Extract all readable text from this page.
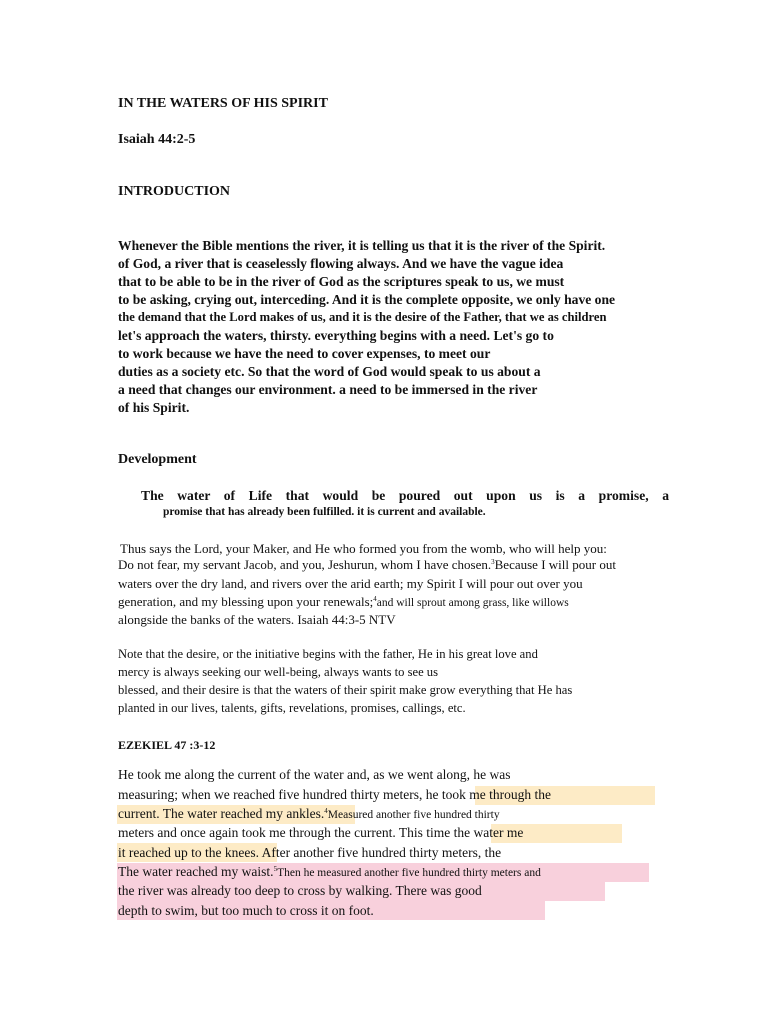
IN THE WATERS OF HIS SPIRIT
Isaiah 44:2-5
INTRODUCTION
Whenever the Bible mentions the river, it is telling us that it is the river of the Spirit.
of God, a river that is ceaselessly flowing always. And we have the vague idea
that to be able to be in the river of God as the scriptures speak to us, we must
to be asking, crying out, interceding. And it is the complete opposite, we only have one
the demand that the Lord makes of us, and it is the desire of the Father, that we as children
let's approach the waters, thirsty. everything begins with a need. Let's go to
to work because we have the need to cover expenses, to meet our
duties as a society etc. So that the word of God would speak to us about a
a need that changes our environment. a need to be immersed in the river
of his Spirit.
Development
The water of Life that would be poured out upon us is a promise, a
promise that has already been fulfilled. it is current and available.
Thus says the Lord, your Maker, and He who formed you from the womb, who will help you:
Do not fear, my servant Jacob, and you, Jeshurun, whom I have chosen.$^3$Because I will pour out
waters over the dry land, and rivers over the arid earth; my Spirit I will pour out over you
generation, and my blessing upon your renewals;$^4$and will sprout among grass, like willows
alongside the banks of the waters. Isaiah 44:3-5 NTV
Note that the desire, or the initiative begins with the father, He in his great love and
mercy is always seeking our well-being, always wants to see us
blessed, and their desire is that the waters of their spirit make grow everything that He has
planted in our lives, talents, gifts, revelations, promises, callings, etc.
EZEKIEL 47 :3-12
He took me along the current of the water and, as we went along, he was
measuring; when we reached five hundred thirty meters, he took me through the
current. The water reached my ankles.$^4$Measured another five hundred thirty
meters and once again took me through the current. This time the water me
it reached up to the knees. After another five hundred thirty meters, the
The water reached my waist.$^5$Then he measured another five hundred thirty meters and
the river was already too deep to cross by walking. There was good
depth to swim, but too much to cross it on foot.
